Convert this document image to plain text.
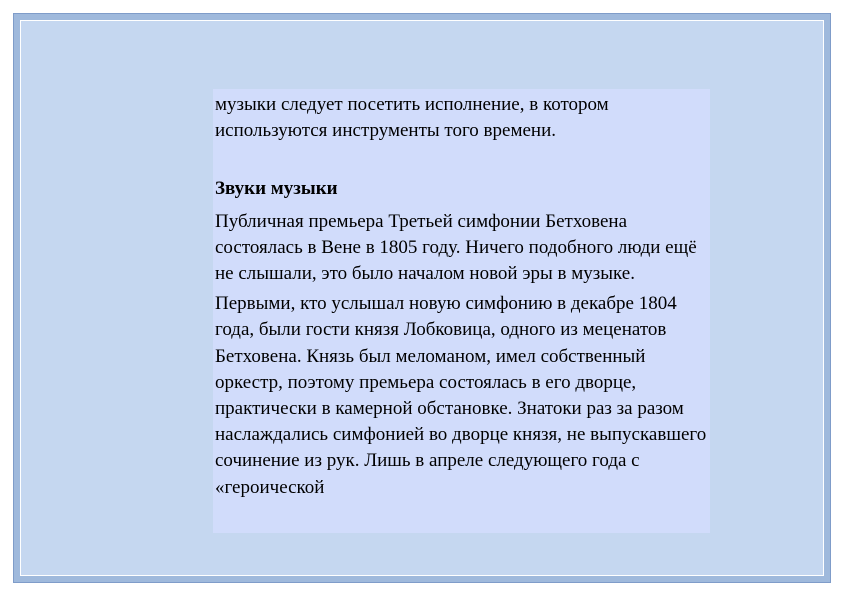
музыки следует посетить исполнение, в котором используются инструменты того времени.

Звуки музыки

Публичная премьера Третьей симфонии Бетховена состоялась в Вене в 1805 году. Ничего подобного люди ещё не слышали, это было началом новой эры в музыке.

Первыми, кто услышал новую симфонию в декабре 1804 года, были гости князя Лобковица, одного из меценатов Бетховена. Князь был меломаном, имел собственный оркестр, поэтому премьера состоялась в его дворце, практически в камерной обстановке. Знатоки раз за разом наслаждались симфонией во дворце князя, не выпускавшего сочинение из рук. Лишь в апреле следующего года с «героической
